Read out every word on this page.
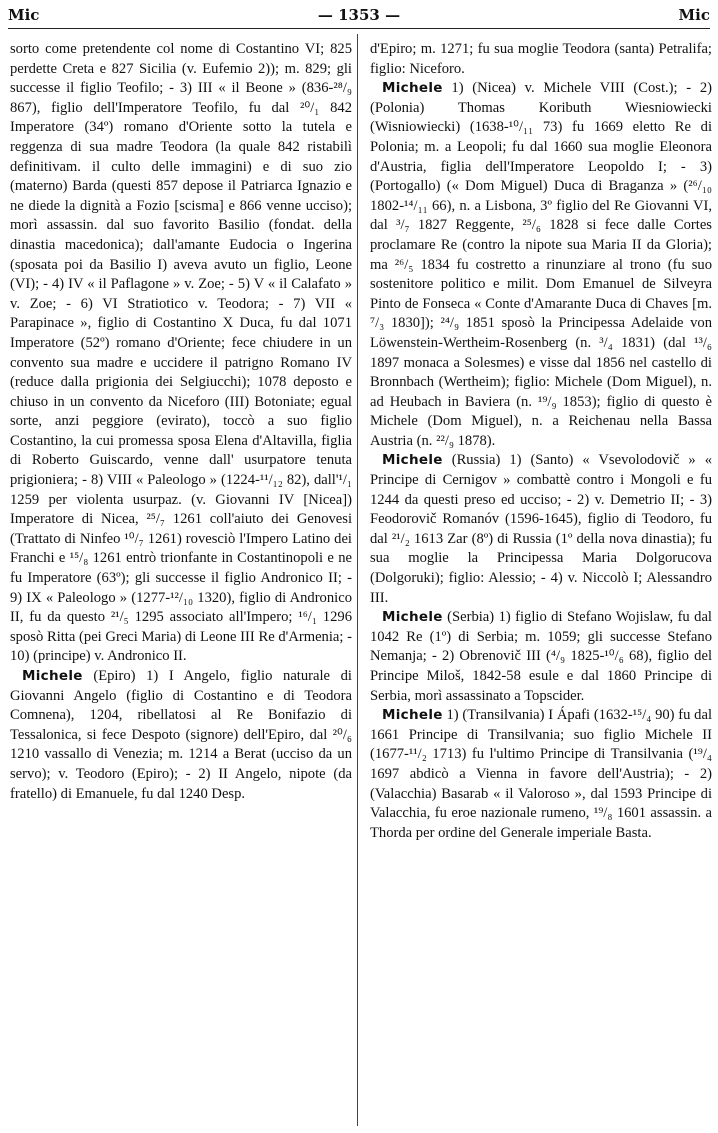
Mic	— 1353 —	Mic

sorto come pretendente col nome di Costantino VI; 825 perdette Creta e 827 Sicilia (v. Eufemio 2)); m. 829; gli successe il figlio Teofilo; - 3) III « il Beone » (836-²⁸/₉ 867), figlio dell'Imperatore Teofilo, fu dal ²⁰/₁ 842 Imperatore (34º) romano d'Oriente sotto la tutela e reggenza di sua madre Teodora (la quale 842 ristabilì definitivam. il culto delle immagini) e di suo zio (materno) Barda (questi 857 depose il Patriarca Ignazio e ne diede la dignità a Fozio [scisma] e 866 venne ucciso); morì assassin. dal suo favorito Basilio (fondat. della dinastia macedonica); dall'amante Eudocia o Ingerina (sposata poi da Basilio I) aveva avuto un figlio, Leone (VI); - 4) IV « il Paflagone » v. Zoe; - 5) V « il Calafato » v. Zoe; - 6) VI Stratiotico v. Teodora; - 7) VII « Parapinace », figlio di Costantino X Duca, fu dal 1071 Imperatore (52º) romano d'Oriente; fece chiudere in un convento sua madre e uccidere il patrigno Romano IV (reduce dalla prigionia dei Selgiucchi); 1078 deposto e chiuso in un convento da Niceforo (III) Botoniate; egual sorte, anzi peggiore (evirato), toccò a suo figlio Costantino, la cui promessa sposa Elena d'Altavilla, figlia di Roberto Guiscardo, venne dall' usurpatore tenuta prigioniera; - 8) VIII « Paleologo » (1224-¹¹/₁₂ 82), dall'¹/₁ 1259 per violenta usurpaz. (v. Giovanni IV [Nicea]) Imperatore di Nicea, ²⁵/₇ 1261 coll'aiuto dei Genovesi (Trattato di Ninfeo ¹⁰/₇ 1261) rovesciò l'Impero Latino dei Franchi e ¹⁵/₈ 1261 entrò trionfante in Costantinopoli e ne fu Imperatore (63º); gli successe il figlio Andronico II; - 9) IX « Paleologo » (1277-¹²/₁₀ 1320), figlio di Andronico II, fu da questo ²¹/₅ 1295 associato all'Impero; ¹⁶/₁ 1296 sposò Ritta (pei Greci Maria) di Leone III Re d'Armenia; - 10) (principe) v. Andronico II.

Michele (Epiro) 1) I Angelo, figlio naturale di Giovanni Angelo (figlio di Costantino e di Teodora Comnena), 1204, ribellatosi al Re Bonifazio di Tessalonica, si fece Despoto (signore) dell'Epiro, dal ²⁰/₆ 1210 vassallo di Venezia; m. 1214 a Berat (ucciso da un servo); v. Teodoro (Epiro); - 2) II Angelo, nipote (da fratello) di Emanuele, fu dal 1240 Desp.

d'Epiro; m. 1271; fu sua moglie Teodora (santa) Petralifa; figlio: Niceforo.

Michele 1) (Nicea) v. Michele VIII (Cost.); - 2) (Polonia) Thomas Koributh Wiesniowiecki (Wisniowiecki) (1638-¹⁰/₁₁ 73) fu 1669 eletto Re di Polonia; m. a Leopoli; fu dal 1660 sua moglie Eleonora d'Austria, figlia dell'Imperatore Leopoldo I; - 3) (Portogallo) (« Dom Miguel) Duca di Braganza » (²⁶/₁₀ 1802-¹⁴/₁₁ 66), n. a Lisbona, 3º figlio del Re Giovanni VI, dal ³/₇ 1827 Reggente, ²⁵/₆ 1828 si fece dalle Cortes proclamare Re (contro la nipote sua Maria II da Gloria); ma ²⁶/₅ 1834 fu costretto a rinunziare al trono (fu suo sostenitore politico e milit. Dom Emanuel de Silveyra Pinto de Fonseca « Conte d'Amarante Duca di Chaves [m. ⁷/₃ 1830]); ²⁴/₉ 1851 sposò la Principessa Adelaide von Löwenstein-Wertheim-Rosenberg (n. ³/₄ 1831) (dal ¹³/₆ 1897 monaca a Solesmes) e visse dal 1856 nel castello di Bronnbach (Wertheim); figlio: Michele (Dom Miguel), n. ad Heubach in Baviera (n. ¹⁹/₉ 1853); figlio di questo è Michele (Dom Miguel), n. a Reichenau nella Bassa Austria (n. ²²/₉ 1878).

Michele (Russia) 1) (Santo) « Vsevolodovič » « Principe di Cernigov » combattè contro i Mongoli e fu 1244 da questi preso ed ucciso; - 2) v. Demetrio II; - 3) Feodorovič Romanóv (1596-1645), figlio di Teodoro, fu dal ²¹/₂ 1613 Zar (8º) di Russia (1º della nova dinastia); fu sua moglie la Principessa Maria Dolgorucova (Dolgoruki); figlio: Alessio; - 4) v. Niccolò I; Alessandro III.

Michele (Serbia) 1) figlio di Stefano Wojislaw, fu dal 1042 Re (1º) di Serbia; m. 1059; gli successe Stefano Nemanja; - 2) Obrenovič III (⁴/₉ 1825-¹⁰/₆ 68), figlio del Principe Miloš, 1842-58 esule e dal 1860 Principe di Serbia, morì assassinato a Topscider.

Michele 1) (Transilvania) I Ápafi (1632-¹⁵/₄ 90) fu dal 1661 Principe di Transilvania; suo figlio Michele II (1677-¹¹/₂ 1713) fu l'ultimo Principe di Transilvania (¹⁹/₄ 1697 abdicò a Vienna in favore dell'Austria); - 2) (Valacchia) Basarab « il Valoroso », dal 1593 Principe di Valacchia, fu eroe nazionale rumeno, ¹⁹/₈ 1601 assassin. a Thorda per ordine del Generale imperiale Basta.
